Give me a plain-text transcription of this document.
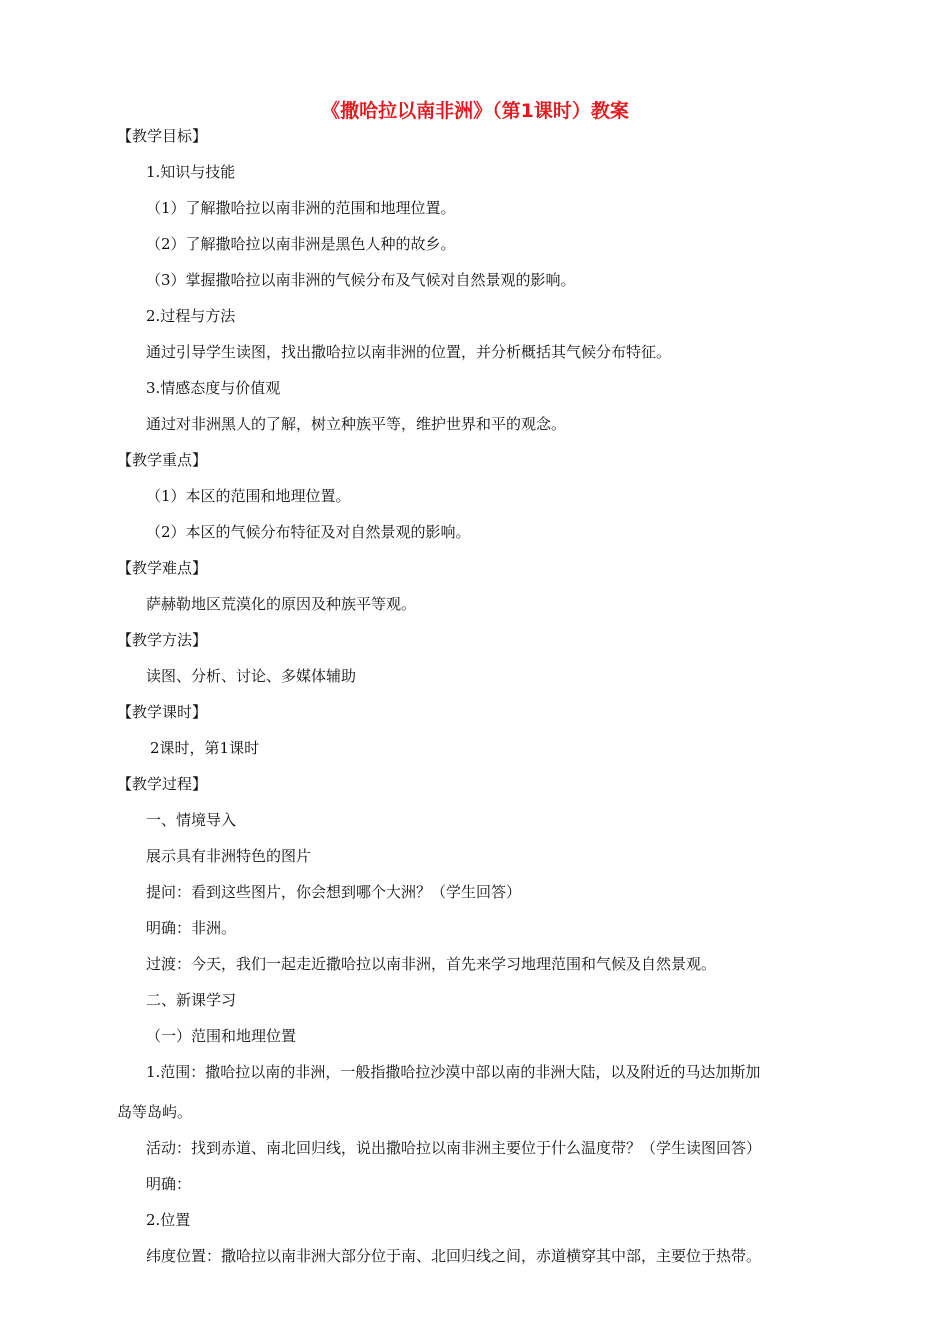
《撒哈拉以南非洲》（第1课时）教案
【教学目标】
1.知识与技能
（1）了解撒哈拉以南非洲的范围和地理位置。
（2）了解撒哈拉以南非洲是黑色人种的故乡。
（3）掌握撒哈拉以南非洲的气候分布及气候对自然景观的影响。
2.过程与方法
通过引导学生读图，找出撒哈拉以南非洲的位置，并分析概括其气候分布特征。
3.情感态度与价值观
通过对非洲黑人的了解，树立种族平等，维护世界和平的观念。
【教学重点】
（1）本区的范围和地理位置。
（2）本区的气候分布特征及对自然景观的影响。
【教学难点】
萨赫勒地区荒漠化的原因及种族平等观。
【教学方法】
读图、分析、讨论、多媒体辅助
【教学课时】
2课时，第1课时
【教学过程】
一、情境导入
展示具有非洲特色的图片
提问：看到这些图片，你会想到哪个大洲？（学生回答）
明确：非洲。
过渡：今天，我们一起走近撒哈拉以南非洲，首先来学习地理范围和气候及自然景观。
二、新课学习
（一）范围和地理位置
1.范围：撒哈拉以南的非洲，一般指撒哈拉沙漠中部以南的非洲大陆，以及附近的马达加斯加
岛等岛屿。
活动：找到赤道、南北回归线，说出撒哈拉以南非洲主要位于什么温度带？（学生读图回答）
明确：
2.位置
纬度位置：撒哈拉以南非洲大部分位于南、北回归线之间，赤道横穿其中部，主要位于热带。
